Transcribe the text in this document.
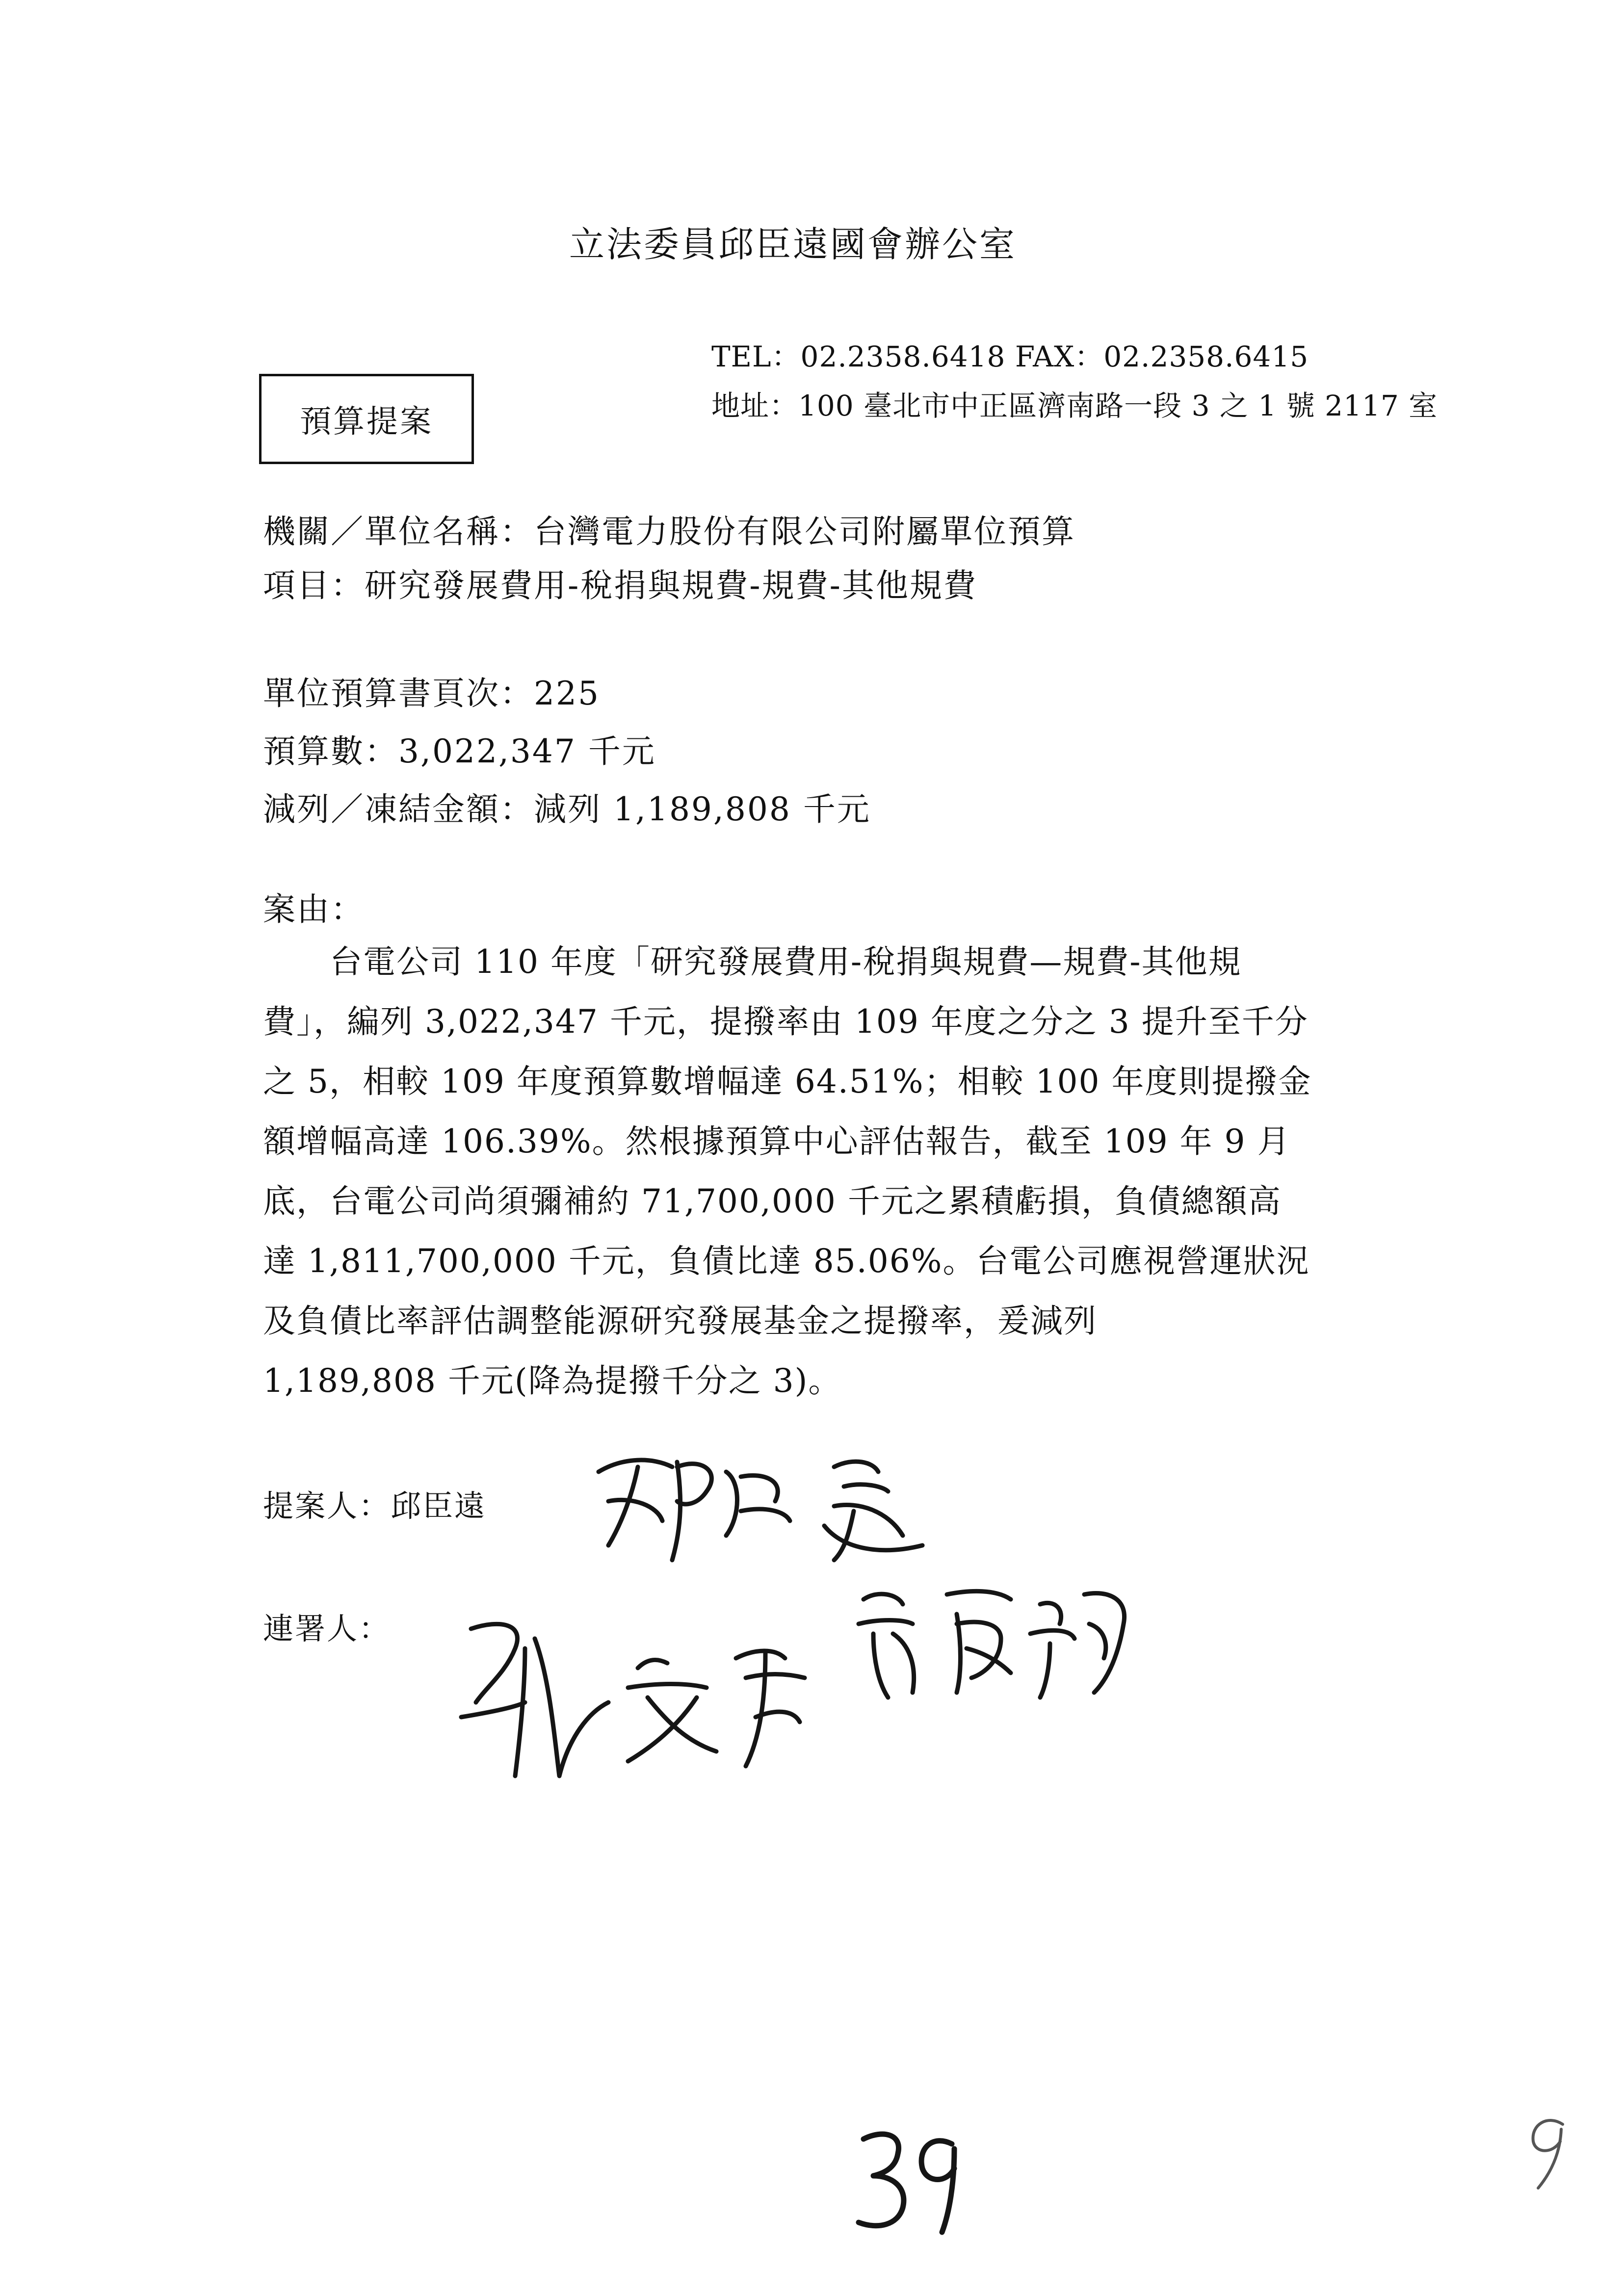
立法委員邱臣遠國會辦公室
TEL：02.2358.6418 FAX：02.2358.6415
地址：100 臺北市中正區濟南路一段 3 之 1 號 2117 室
預算提案
機關／單位名稱：台灣電力股份有限公司附屬單位預算
項目：研究發展費用-稅捐與規費-規費-其他規費
單位預算書頁次：225
預算數：3,022,347 千元
減列／凍結金額：減列 1,189,808 千元
案由：
　　台電公司 110 年度「研究發展費用-稅捐與規費—規費-其他規
費」，編列 3,022,347 千元，提撥率由 109 年度之分之 3 提升至千分
之 5，相較 109 年度預算數增幅達 64.51%；相較 100 年度則提撥金
額增幅高達 106.39%。然根據預算中心評估報告，截至 109 年 9 月
底，台電公司尚須彌補約 71,700,000 千元之累積虧損，負債總額高
達 1,811,700,000 千元，負債比達 85.06%。台電公司應視營運狀況
及負債比率評估調整能源研究發展基金之提撥率，爰減列
1,189,808 千元(降為提撥千分之 3)。
提案人：邱臣遠
連署人：
